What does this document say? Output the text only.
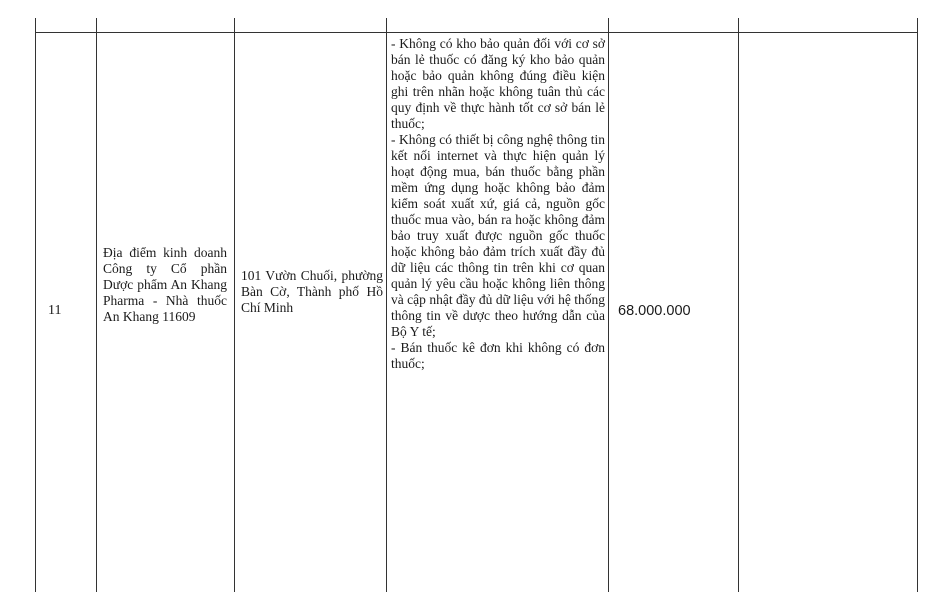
11
Địa điểm kinh doanh Công ty Cổ phần Dược phẩm An Khang Pharma - Nhà thuốc An Khang 11609
101 Vườn Chuối, phường Bàn Cờ, Thành phố Hồ Chí Minh

- Không có kho bảo quản đối với cơ sở bán lẻ thuốc có đăng ký kho bảo quản hoặc bảo quản không đúng điều kiện ghi trên nhãn hoặc không tuân thủ các quy định về thực hành tốt cơ sở bán lẻ thuốc;

- Không có thiết bị công nghệ thông tin kết nối internet và thực hiện quản lý hoạt động mua, bán thuốc bằng phần mềm ứng dụng hoặc không bảo đảm kiểm soát xuất xứ, giá cả, nguồn gốc thuốc mua vào, bán ra hoặc không đảm bảo truy xuất được nguồn gốc thuốc hoặc không bảo đảm trích xuất đầy đủ dữ liệu các thông tin trên khi cơ quan quản lý yêu cầu hoặc không liên thông và cập nhật đầy đủ dữ liệu với hệ thống thông tin về dược theo hướng dẫn của Bộ Y tế;

- Bán thuốc kê đơn khi không có đơn thuốc;

68.000.000
